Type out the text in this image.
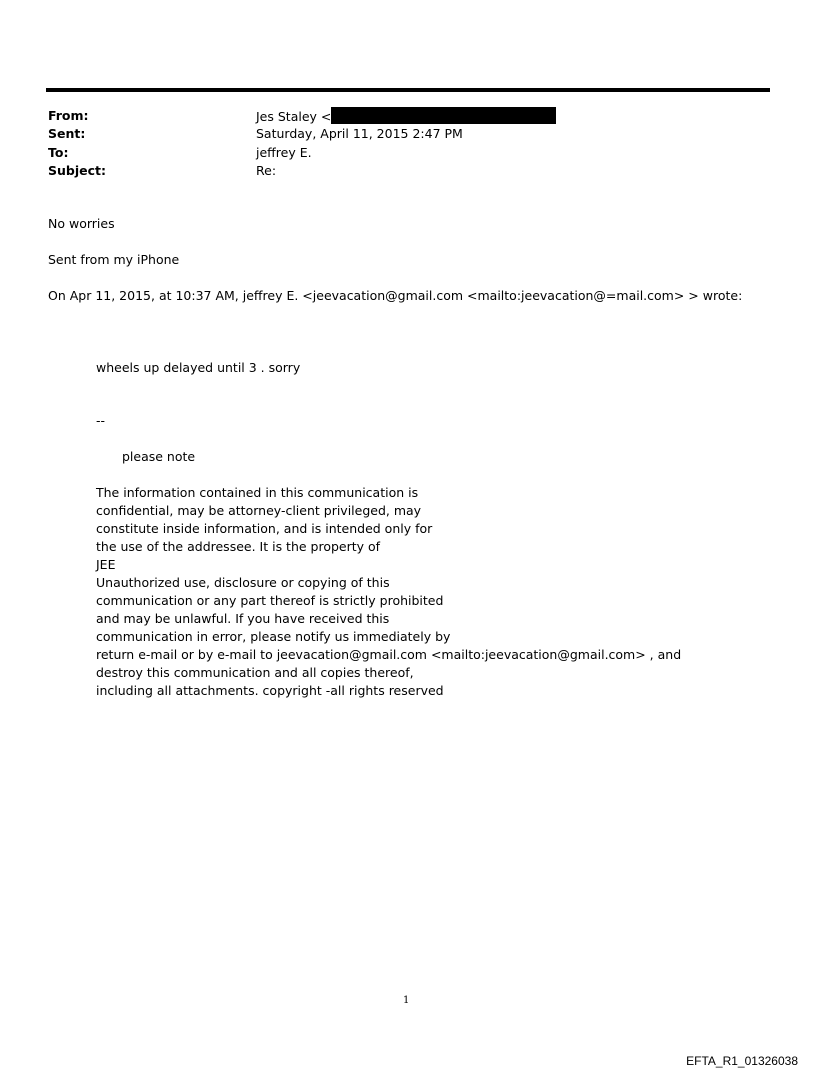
From:	Jes Staley <
Sent:	Saturday, April 11, 2015 2:47 PM
To:	jeffrey E.
Subject:	Re:
No worries
Sent from my iPhone
On Apr 11, 2015, at 10:37 AM, jeffrey E. <jeevacation@gmail.com <mailto:jeevacation@=mail.com> > wrote:
wheels up delayed until 3 . sorry
--
please note
The information contained in this communication is
confidential, may be attorney-client privileged, may
constitute inside information, and is intended only for
the use of the addressee. It is the property of
JEE
Unauthorized use, disclosure or copying of this
communication or any part thereof is strictly prohibited
and may be unlawful. If you have received this
communication in error, please notify us immediately by
return e-mail or by e-mail to jeevacation@gmail.com <mailto:jeevacation@gmail.com> , and
destroy this communication and all copies thereof,
including all attachments. copyright -all rights reserved
1
EFTA_R1_01326038
